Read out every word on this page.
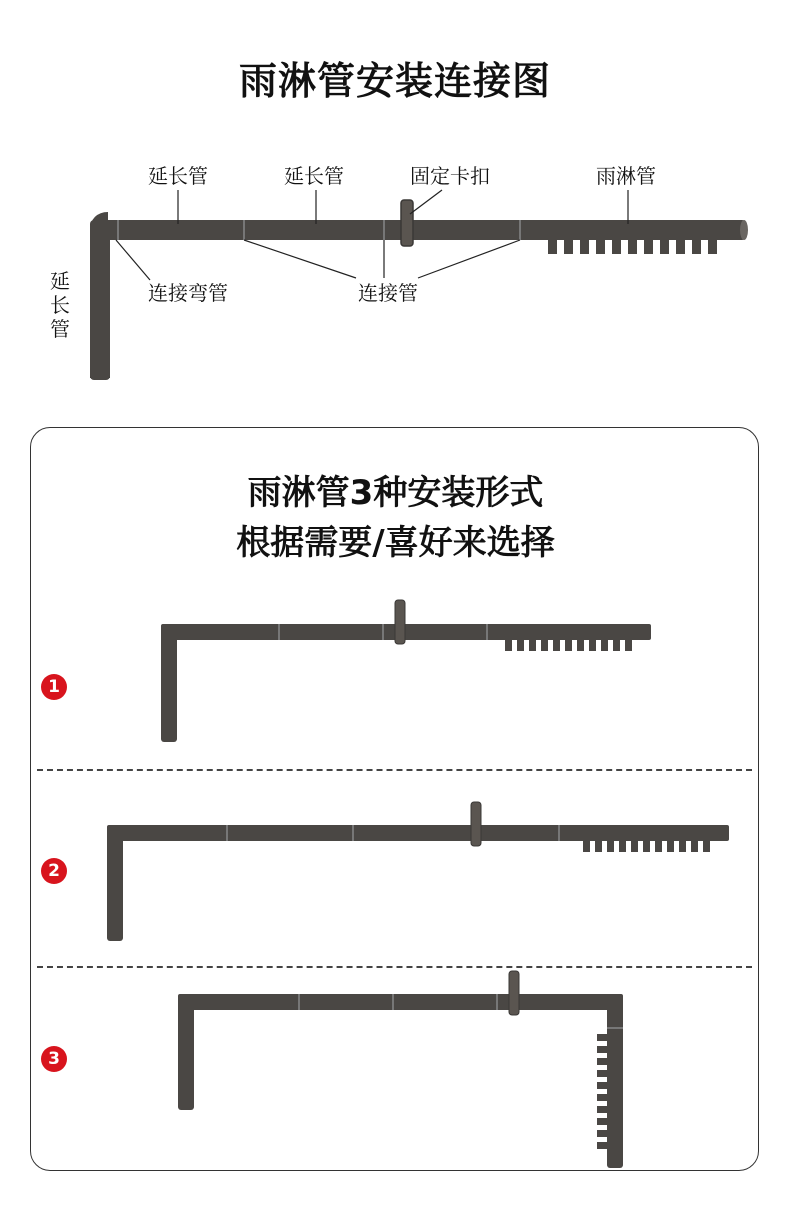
雨淋管安装连接图
延长管	延长管	固定卡扣	雨淋管
连接弯管	连接管
延
长
管
雨淋管3种安装形式
根据需要/喜好来选择
1
2
3
